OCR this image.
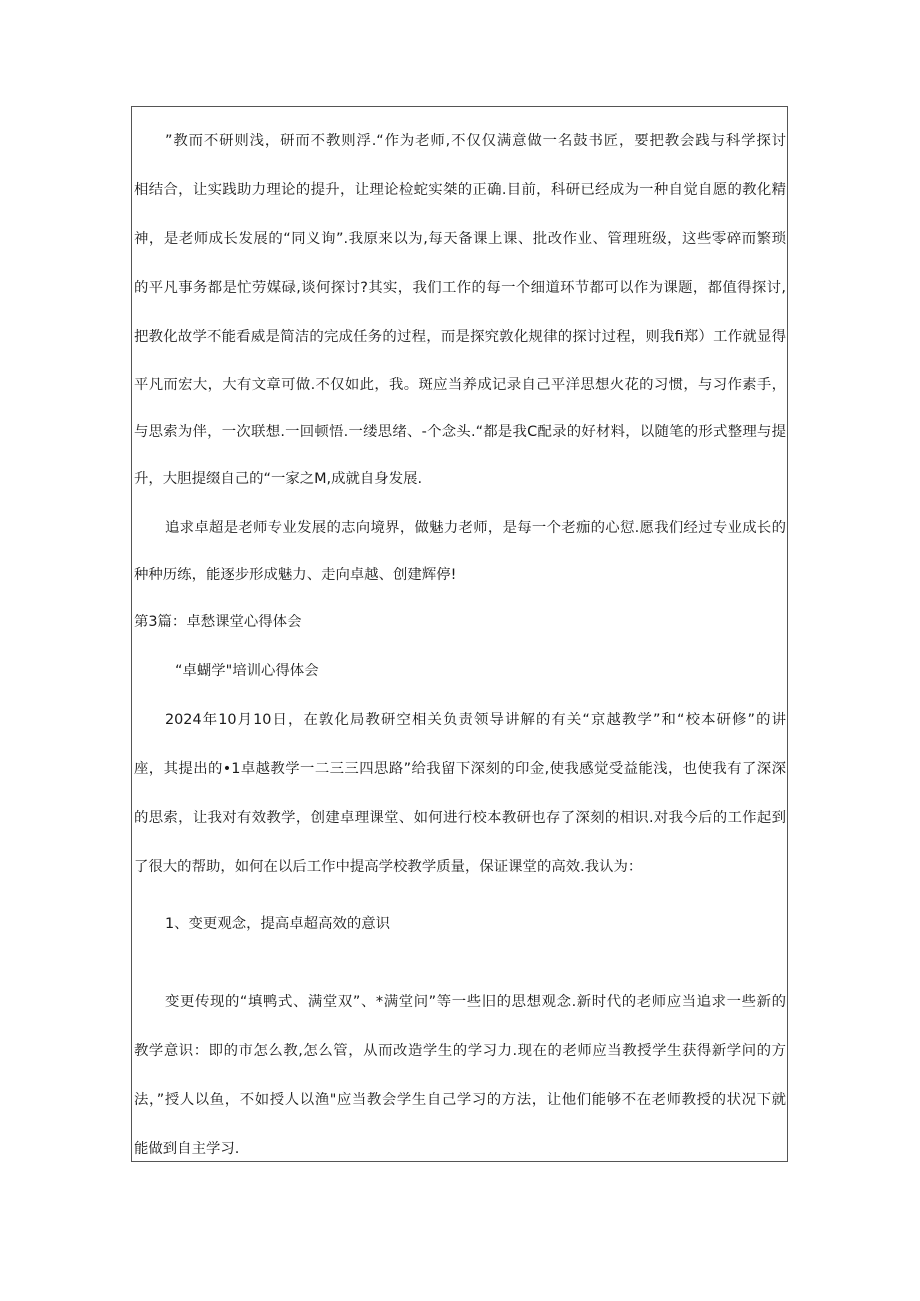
”教而不研则浅，研而不教则浮.“作为老师,不仅仅满意做一名鼓书匠，要把教会践与科学探讨
相结合，让实践助力理论的提升，让理论检蛇实桀的正确.目前，科研已经成为一种自觉自愿的教化精
神，是老师成长发展的“同义询”.我原来以为,每天备课上课、批改作业、管理班级，这些零碎而繁琐
的平凡事务都是忙劳媒碌,谈何探讨?其实，我们工作的每一个细道环节都可以作为课题，都值得探讨,
把教化故学不能看威是简洁的完成任务的过程，而是探究敦化规律的探讨过程，则我fi郑）工作就显得
平凡而宏大，大有文章可做.不仅如此，我。斑应当养成记录自己平洋思想火花的习惯，与习作素手，
与思索为伴，一次联想.一回顿悟.一缕思绪、-个念头.“都是我C配录的好材料，以随笔的形式整理与提
升，大胆提缀自己的“一家之M,成就自身发展.
追求卓超是老师专业发展的志向境界，做魅力老师，是每一个老痂的心愆.愿我们经过专业成长的
种种历练，能逐步形成魅力、走向卓越、创建辉停!
第3篇：卓愁课堂心得体会
“卓蝴学"培训心得体会
2024年10月10日，在敦化局教研空相关负责领导讲解的有关“京越教学”和“校本研修”的讲
座，其提出的•1卓越教学一二三三四思路”给我留下深刻的印金,使我感觉受益能浅，也使我有了深深
的思索，让我对有效教学，创建卓理课堂、如何进行校本教研也存了深刻的相识.对我今后的工作起到
了很大的帮助，如何在以后工作中提高学校教学质量，保证课堂的高效.我认为：
1、变更观念，提高卓超高效的意识
变更传现的“填鸭式、满堂双”、*满堂问”等一些旧的思想观念.新时代的老师应当追求一些新的
教学意识：即的市怎么教,怎么管，从而改造学生的学习力.现在的老师应当教授学生获得新学问的方
法，”授人以鱼，不如授人以渔"应当教会学生自己学习的方法，让他们能够不在老师教授的状况下就
能做到自主学习.
